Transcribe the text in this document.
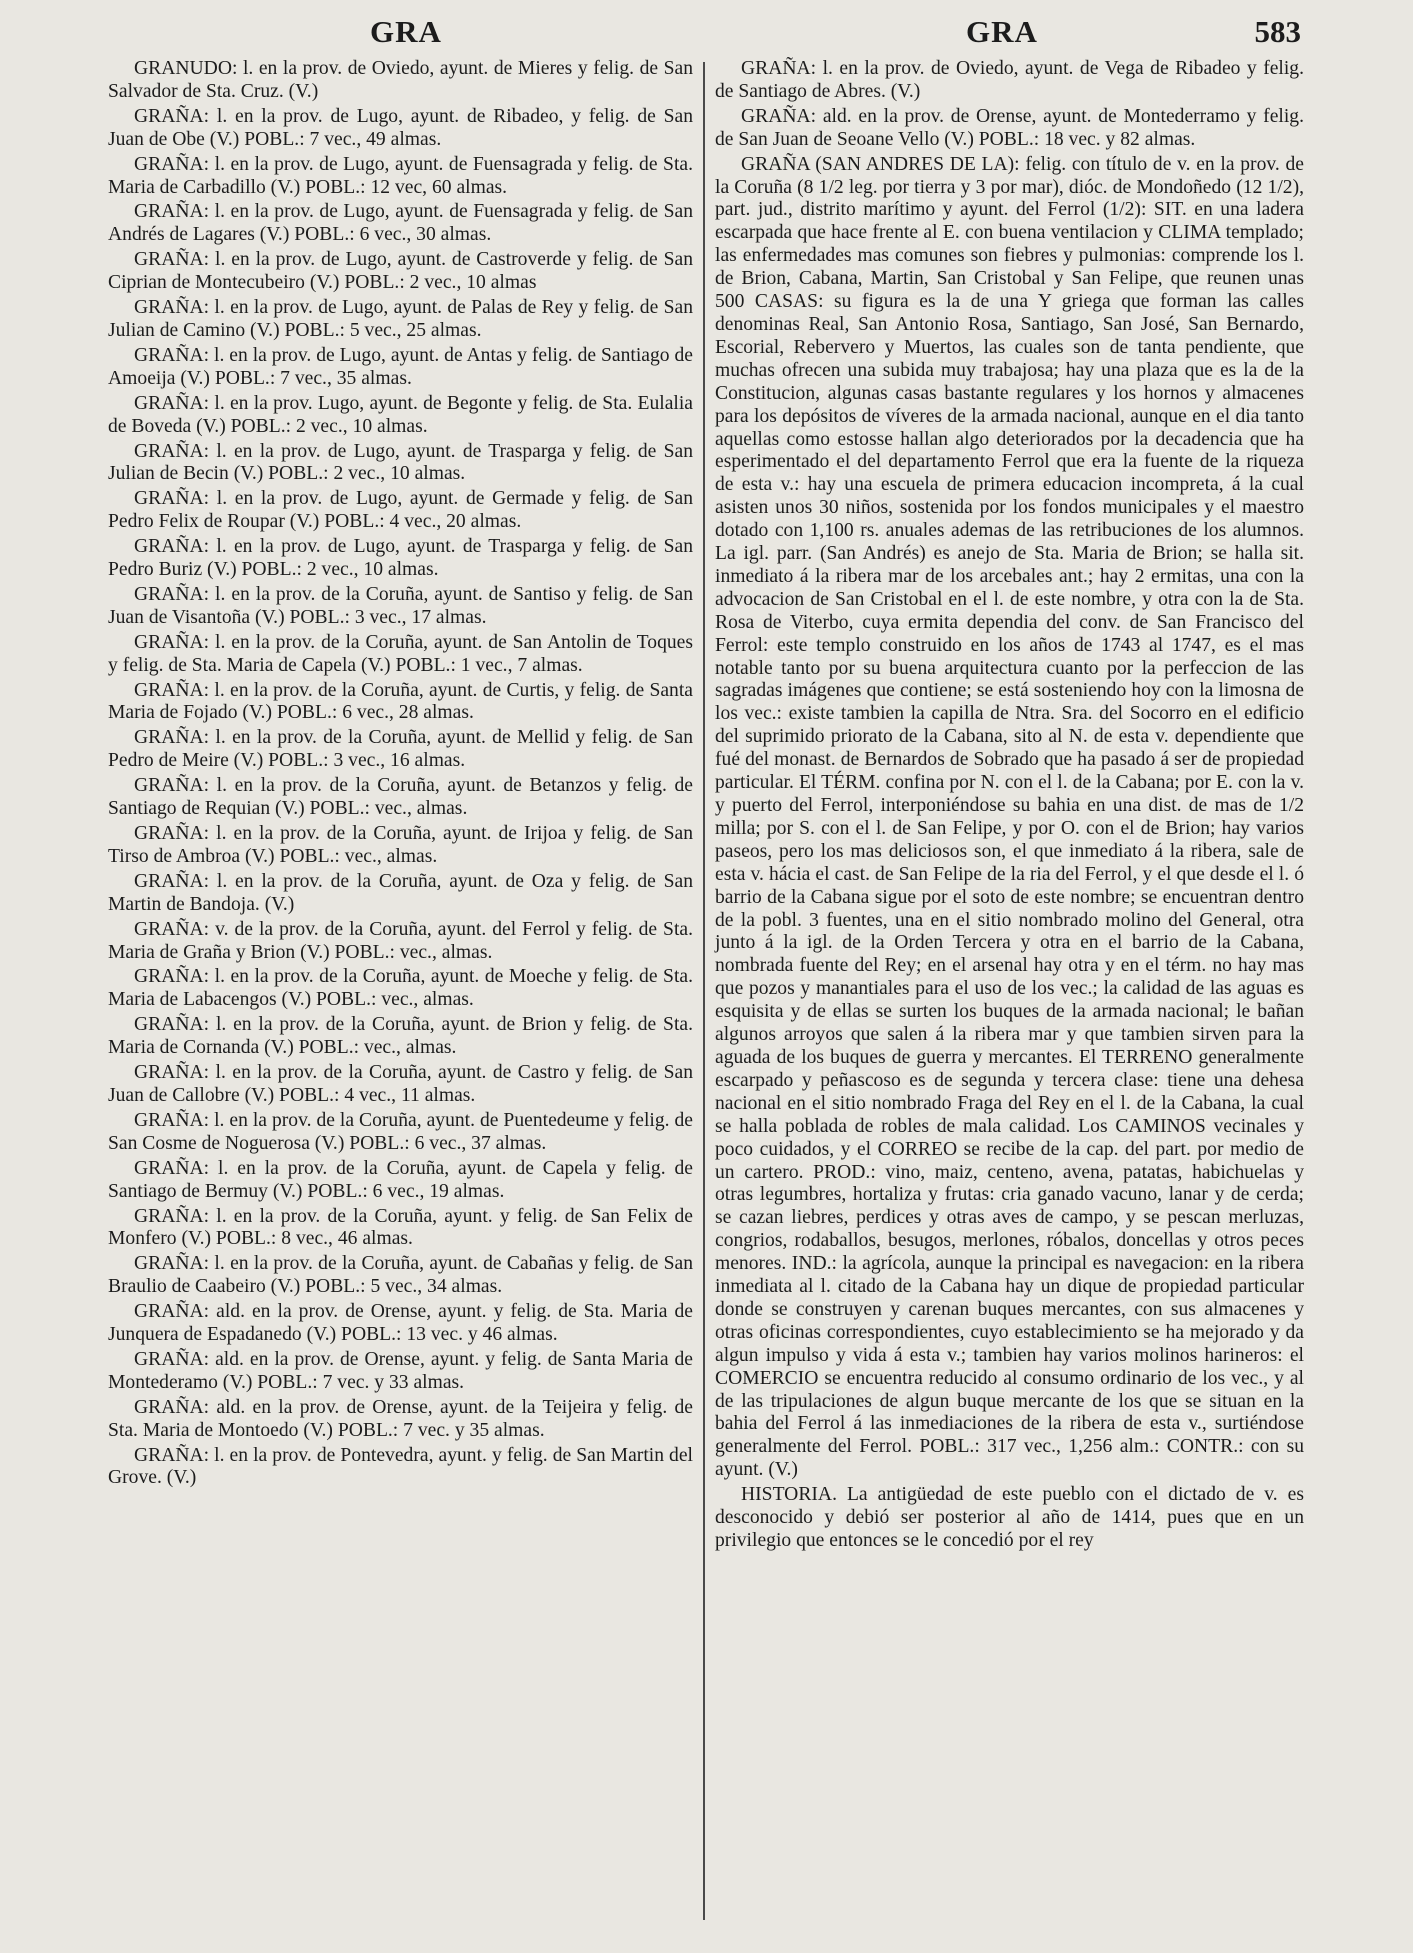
GRA	GRA	583

GRANUDO: l. en la prov. de Oviedo, ayunt. de Mieres y felig. de San Salvador de Sta. Cruz. (V.)

GRAÑA: l. en la prov. de Lugo, ayunt. de Ribadeo, y felig. de San Juan de Obe (V.) POBL.: 7 vec., 49 almas.

GRAÑA: l. en la prov. de Lugo, ayunt. de Fuensagrada y felig. de Sta. Maria de Carbadillo (V.) POBL.: 12 vec, 60 almas.

GRAÑA: l. en la prov. de Lugo, ayunt. de Fuensagrada y felig. de San Andrés de Lagares (V.) POBL.: 6 vec., 30 almas.

GRAÑA: l. en la prov. de Lugo, ayunt. de Castroverde y felig. de San Ciprian de Montecubeiro (V.) POBL.: 2 vec., 10 almas

GRAÑA: l. en la prov. de Lugo, ayunt. de Palas de Rey y felig. de San Julian de Camino (V.) POBL.: 5 vec., 25 almas.

GRAÑA: l. en la prov. de Lugo, ayunt. de Antas y felig. de Santiago de Amoeija (V.) POBL.: 7 vec., 35 almas.

GRAÑA: l. en la prov. Lugo, ayunt. de Begonte y felig. de Sta. Eulalia de Boveda (V.) POBL.: 2 vec., 10 almas.

GRAÑA: l. en la prov. de Lugo, ayunt. de Trasparga y felig. de San Julian de Becin (V.) POBL.: 2 vec., 10 almas.

GRAÑA: l. en la prov. de Lugo, ayunt. de Germade y felig. de San Pedro Felix de Roupar (V.) POBL.: 4 vec., 20 almas.

GRAÑA: l. en la prov. de Lugo, ayunt. de Trasparga y felig. de San Pedro Buriz (V.) POBL.: 2 vec., 10 almas.

GRAÑA: l. en la prov. de la Coruña, ayunt. de Santiso y felig. de San Juan de Visantoña (V.) POBL.: 3 vec., 17 almas.

GRAÑA: l. en la prov. de la Coruña, ayunt. de San Antolin de Toques y felig. de Sta. Maria de Capela (V.) POBL.: 1 vec., 7 almas.

GRAÑA: l. en la prov. de la Coruña, ayunt. de Curtis, y felig. de Santa Maria de Fojado (V.) POBL.: 6 vec., 28 almas.

GRAÑA: l. en la prov. de la Coruña, ayunt. de Mellid y felig. de San Pedro de Meire (V.) POBL.: 3 vec., 16 almas.

GRAÑA: l. en la prov. de la Coruña, ayunt. de Betanzos y felig. de Santiago de Requian (V.) POBL.: vec., almas.

GRAÑA: l. en la prov. de la Coruña, ayunt. de Irijoa y felig. de San Tirso de Ambroa (V.) POBL.: vec., almas.

GRAÑA: l. en la prov. de la Coruña, ayunt. de Oza y felig. de San Martin de Bandoja. (V.)

GRAÑA: v. de la prov. de la Coruña, ayunt. del Ferrol y felig. de Sta. Maria de Graña y Brion (V.) POBL.: vec., almas.

GRAÑA: l. en la prov. de la Coruña, ayunt. de Moeche y felig. de Sta. Maria de Labacengos (V.) POBL.: vec., almas.

GRAÑA: l. en la prov. de la Coruña, ayunt. de Brion y felig. de Sta. Maria de Cornanda (V.) POBL.: vec., almas.

GRAÑA: l. en la prov. de la Coruña, ayunt. de Castro y felig. de San Juan de Callobre (V.) POBL.: 4 vec., 11 almas.

GRAÑA: l. en la prov. de la Coruña, ayunt. de Puentedeume y felig. de San Cosme de Noguerosa (V.) POBL.: 6 vec., 37 almas.

GRAÑA: l. en la prov. de la Coruña, ayunt. de Capela y felig. de Santiago de Bermuy (V.) POBL.: 6 vec., 19 almas.

GRAÑA: l. en la prov. de la Coruña, ayunt. y felig. de San Felix de Monfero (V.) POBL.: 8 vec., 46 almas.

GRAÑA: l. en la prov. de la Coruña, ayunt. de Cabañas y felig. de San Braulio de Caabeiro (V.) POBL.: 5 vec., 34 almas.

GRAÑA: ald. en la prov. de Orense, ayunt. y felig. de Sta. Maria de Junquera de Espadanedo (V.) POBL.: 13 vec. y 46 almas.

GRAÑA: ald. en la prov. de Orense, ayunt. y felig. de Santa Maria de Montederamo (V.) POBL.: 7 vec. y 33 almas.

GRAÑA: ald. en la prov. de Orense, ayunt. de la Teijeira y felig. de Sta. Maria de Montoedo (V.) POBL.: 7 vec. y 35 almas.

GRAÑA: l. en la prov. de Pontevedra, ayunt. y felig. de San Martin del Grove. (V.)

GRAÑA: l. en la prov. de Oviedo, ayunt. de Vega de Ribadeo y felig. de Santiago de Abres. (V.)

GRAÑA: ald. en la prov. de Orense, ayunt. de Montederramo y felig. de San Juan de Seoane Vello (V.) POBL.: 18 vec. y 82 almas.

GRAÑA (SAN ANDRES DE LA): felig. con título de v. en la prov. de la Coruña (8 1/2 leg. por tierra y 3 por mar), dióc. de Mondoñedo (12 1/2), part. jud., distrito marítimo y ayunt. del Ferrol (1/2): SIT. en una ladera escarpada que hace frente al E. con buena ventilacion y CLIMA templado; las enfermedades mas comunes son fiebres y pulmonias: comprende los l. de Brion, Cabana, Martin, San Cristobal y San Felipe, que reunen unas 500 CASAS: su figura es la de una Y griega que forman las calles denominas Real, San Antonio Rosa, Santiago, San José, San Bernardo, Escorial, Rebervero y Muertos, las cuales son de tanta pendiente, que muchas ofrecen una subida muy trabajosa; hay una plaza que es la de la Constitucion, algunas casas bastante regulares y los hornos y almacenes para los depósitos de víveres de la armada nacional, aunque en el dia tanto aquellas como estosse hallan algo deteriorados por la decadencia que ha esperimentado el del departamento Ferrol que era la fuente de la riqueza de esta v.: hay una escuela de primera educacion incompreta, á la cual asisten unos 30 niños, sostenida por los fondos municipales y el maestro dotado con 1,100 rs. anuales ademas de las retribuciones de los alumnos. La igl. parr. (San Andrés) es anejo de Sta. Maria de Brion; se halla sit. inmediato á la ribera mar de los arcebales ant.; hay 2 ermitas, una con la advocacion de San Cristobal en el l. de este nombre, y otra con la de Sta. Rosa de Viterbo, cuya ermita dependia del conv. de San Francisco del Ferrol: este templo construido en los años de 1743 al 1747, es el mas notable tanto por su buena arquitectura cuanto por la perfeccion de las sagradas imágenes que contiene; se está sosteniendo hoy con la limosna de los vec.: existe tambien la capilla de Ntra. Sra. del Socorro en el edificio del suprimido priorato de la Cabana, sito al N. de esta v. dependiente que fué del monast. de Bernardos de Sobrado que ha pasado á ser de propiedad particular. El TÉRM. confina por N. con el l. de la Cabana; por E. con la v. y puerto del Ferrol, interponiéndose su bahia en una dist. de mas de 1/2 milla; por S. con el l. de San Felipe, y por O. con el de Brion; hay varios paseos, pero los mas deliciosos son, el que inmediato á la ribera, sale de esta v. hácia el cast. de San Felipe de la ria del Ferrol, y el que desde el l. ó barrio de la Cabana sigue por el soto de este nombre; se encuentran dentro de la pobl. 3 fuentes, una en el sitio nombrado molino del General, otra junto á la igl. de la Orden Tercera y otra en el barrio de la Cabana, nombrada fuente del Rey; en el arsenal hay otra y en el térm. no hay mas que pozos y manantiales para el uso de los vec.; la calidad de las aguas es esquisita y de ellas se surten los buques de la armada nacional; le bañan algunos arroyos que salen á la ribera mar y que tambien sirven para la aguada de los buques de guerra y mercantes. El TERRENO generalmente escarpado y peñascoso es de segunda y tercera clase: tiene una dehesa nacional en el sitio nombrado Fraga del Rey en el l. de la Cabana, la cual se halla poblada de robles de mala calidad. Los CAMINOS vecinales y poco cuidados, y el CORREO se recibe de la cap. del part. por medio de un cartero. PROD.: vino, maiz, centeno, avena, patatas, habichuelas y otras legumbres, hortaliza y frutas: cria ganado vacuno, lanar y de cerda; se cazan liebres, perdices y otras aves de campo, y se pescan merluzas, congrios, rodaballos, besugos, merlones, róbalos, doncellas y otros peces menores. IND.: la agrícola, aunque la principal es navegacion: en la ribera inmediata al l. citado de la Cabana hay un dique de propiedad particular donde se construyen y carenan buques mercantes, con sus almacenes y otras oficinas correspondientes, cuyo establecimiento se ha mejorado y da algun impulso y vida á esta v.; tambien hay varios molinos harineros: el COMERCIO se encuentra reducido al consumo ordinario de los vec., y al de las tripulaciones de algun buque mercante de los que se situan en la bahia del Ferrol á las inmediaciones de la ribera de esta v., surtiéndose generalmente del Ferrol. POBL.: 317 vec., 1,256 alm.: CONTR.: con su ayunt. (V.)

HISTORIA. La antigüedad de este pueblo con el dictado de v. es desconocido y debió ser posterior al año de 1414, pues que en un privilegio que entonces se le concedió por el rey
